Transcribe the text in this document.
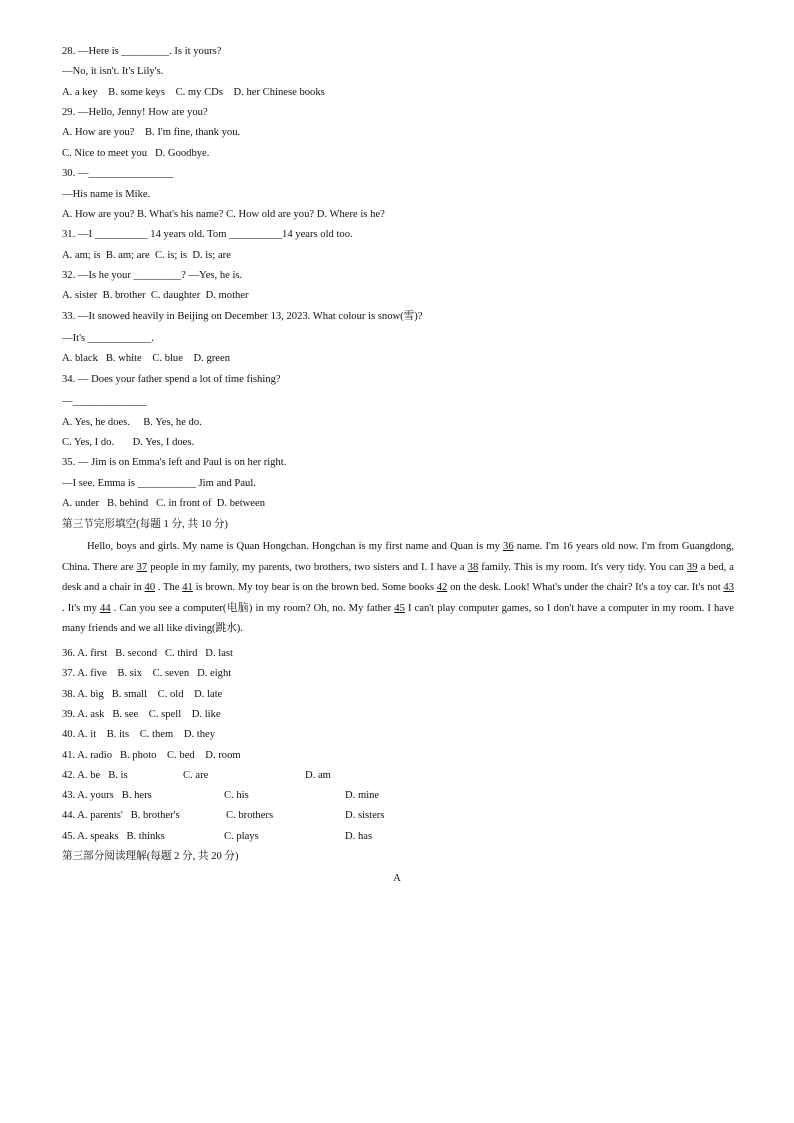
28. —Here is _________. Is it yours?
—No, it isn't. It's Lily's.
A. a key    B. some keys    C. my CDs    D. her Chinese books
29. —Hello, Jenny! How are you?
A. How are you?    B. I'm fine, thank you.
C. Nice to meet you   D. Goodbye.
30. —________________
—His name is Mike.
A. How are you? B. What's his name? C. How old are you? D. Where is he?
31. —I __________ 14 years old. Tom __________14 years old too.
A. am; is  B. am; are  C. is; is  D. is; are
32. —Is he your _________? —Yes, he is.
A. sister  B. brother  C. daughter  D. mother
33. —It snowed heavily in Beijing on December 13, 2023. What colour is snow(雪)?
—It's ____________.
A. black   B. white    C. blue    D. green
34. — Does your father spend a lot of time fishing?
—______________
A. Yes, he does.     B. Yes, he do.
C. Yes, I do.       D. Yes, I does.
35. — Jim is on Emma's left and Paul is on her right.
—I see. Emma is ___________ Jim and Paul.
A. under   B. behind   C. in front of  D. between
第三节完形填空(每题 1 分, 共 10 分)
Hello, boys and girls. My name is Quan Hongchan. Hongchan is my first name and Quan is my 36 name. I'm 16 years old now. I'm from Guangdong, China. There are 37 people in my family, my parents, two brothers, two sisters and I. I have a 38 family. This is my room. It's very tidy. You can 39 a bed, a desk and a chair in 40 . The 41 is brown. My toy bear is on the brown bed. Some books 42 on the desk. Look! What's under the chair? It's a toy car. It's not 43 . It's my 44 . Can you see a computer(电脑) in my room? Oh, no. My father 45 I can't play computer games, so I don't have a computer in my room. I have many friends and we all like diving(跳水).
36. A. first   B. second   C. third   D. last
37. A. five    B. six    C. seven   D. eight
38. A. big   B. small    C. old    D. late
39. A. ask   B. see    C. spell    D. like
40. A. it    B. its    C. them    D. they
41. A. radio   B. photo    C. bed    D. room
42. A. be   B. is	C. are	D. am
43. A. yours   B. hers	C. his	D. mine
44. A. parents'   B. brother's	C. brothers	D. sisters
45. A. speaks   B. thinks	C. plays	D. has
第三部分阅读理解(每题 2 分, 共 20 分)
A
